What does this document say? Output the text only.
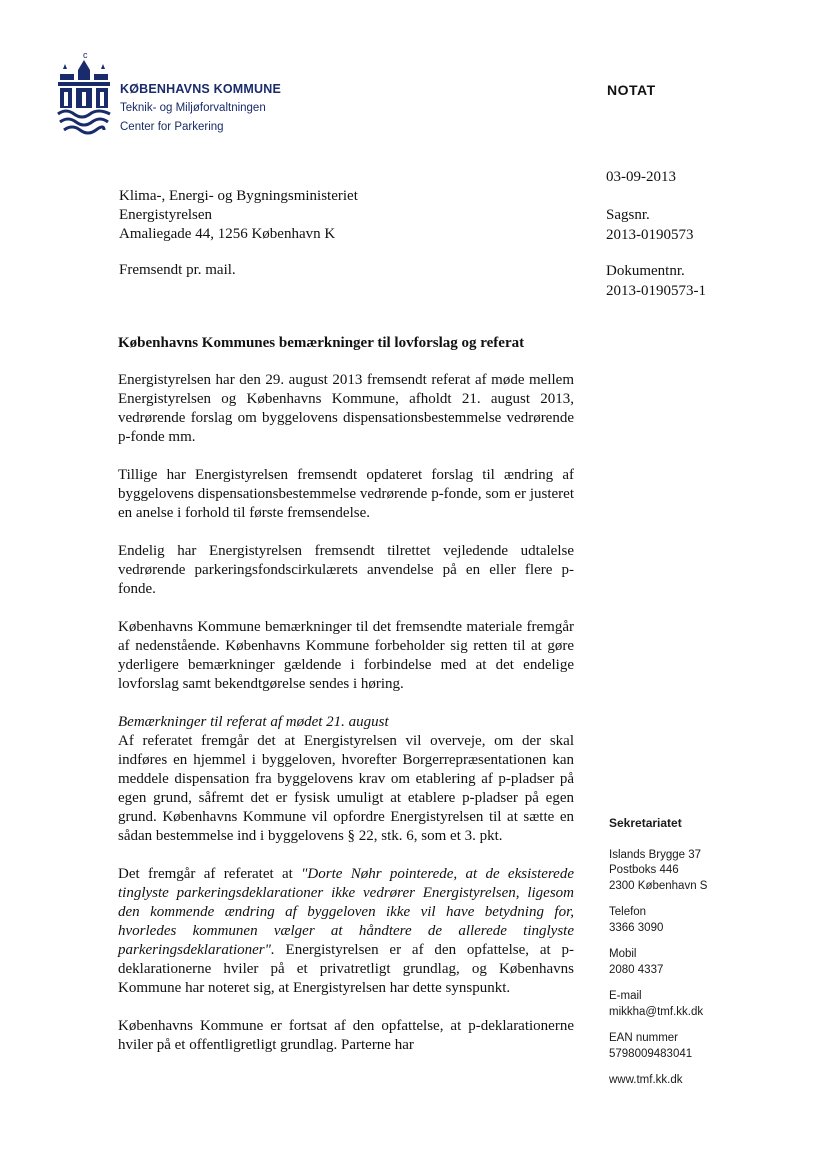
c
KØBENHAVNS KOMMUNE
Teknik- og Miljøforvaltningen
Center for Parkering
NOTAT
03-09-2013
Sagsnr.
2013-0190573
Dokumentnr.
2013-0190573-1
Klima-, Energi- og Bygningsministeriet
Energistyrelsen
Amaliegade 44, 1256 København K
Fremsendt pr. mail.
Københavns Kommunes bemærkninger til lovforslag og referat

Energistyrelsen har den 29. august 2013 fremsendt referat af møde mellem Energistyrelsen og Københavns Kommune, afholdt 21. august 2013, vedrørende forslag om byggelovens dispensationsbestemmelse vedrørende p-fonde mm.

Tillige har Energistyrelsen fremsendt opdateret forslag til ændring af byggelovens dispensationsbestemmelse vedrørende p-fonde, som er justeret en anelse i forhold til første fremsendelse.

Endelig har Energistyrelsen fremsendt tilrettet vejledende udtalelse vedrørende parkeringsfondscirkulærets anvendelse på en eller flere p-fonde.

Københavns Kommune bemærkninger til det fremsendte materiale fremgår af nedenstående. Københavns Kommune forbeholder sig retten til at gøre yderligere bemærkninger gældende i forbindelse med at det endelige lovforslag samt bekendtgørelse sendes i høring.

Bemærkninger til referat af mødet 21. august

Af referatet fremgår det at Energistyrelsen vil overveje, om der skal indføres en hjemmel i byggeloven, hvorefter Borgerrepræsentationen kan meddele dispensation fra byggelovens krav om etablering af p-pladser på egen grund, såfremt det er fysisk umuligt at etablere p-pladser på egen grund. Københavns Kommune vil opfordre Energistyrelsen til at sætte en sådan bestemmelse ind i byggelovens § 22, stk. 6, som et 3. pkt.

Det fremgår af referatet at "Dorte Nøhr pointerede, at de eksisterede tinglyste parkeringsdeklarationer ikke vedrører Energistyrelsen, ligesom den kommende ændring af byggeloven ikke vil have betydning for, hvorledes kommunen vælger at håndtere de allerede tinglyste parkeringsdeklarationer". Energistyrelsen er af den opfattelse, at p-deklarationerne hviler på et privatretligt grundlag, og Københavns Kommune har noteret sig, at Energistyrelsen har dette synspunkt.

Københavns Kommune er fortsat af den opfattelse, at p-deklarationerne hviler på et offentligretligt grundlag. Parterne har

Sekretariatet
Islands Brygge 37
Postboks 446
2300 København S
Telefon
3366 3090
Mobil
2080 4337
E-mail
mikkha@tmf.kk.dk
EAN nummer
5798009483041
www.tmf.kk.dk
